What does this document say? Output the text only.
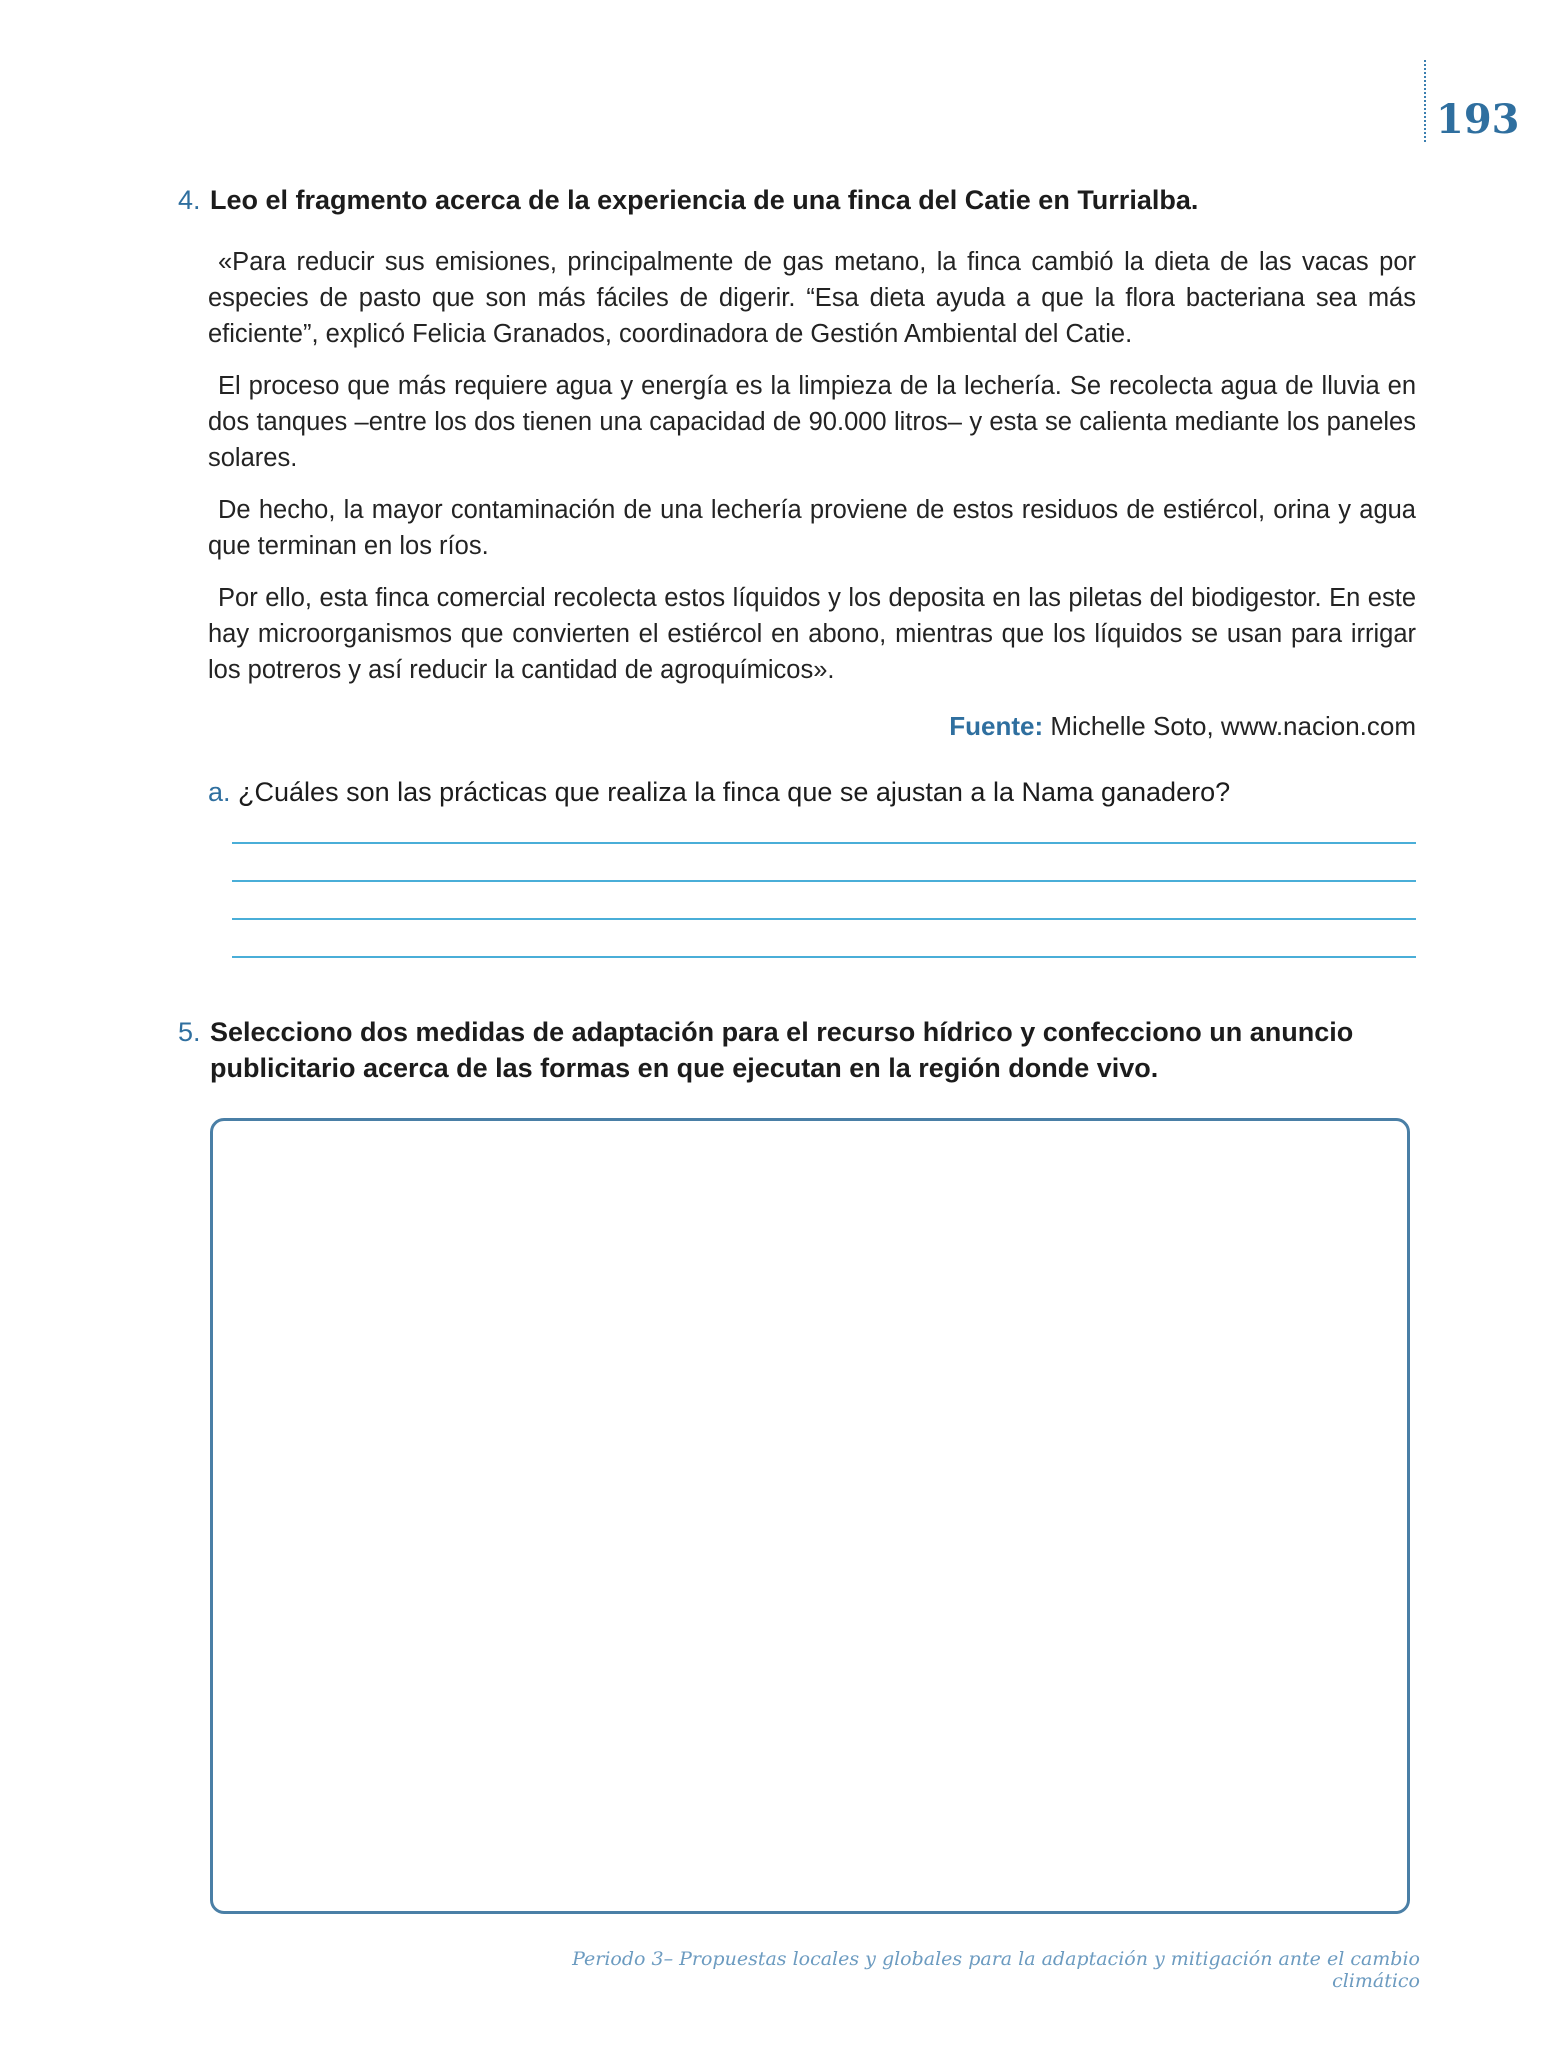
193
4. Leo el fragmento acerca de la experiencia de una finca del Catie en Turrialba.

«Para reducir sus emisiones, principalmente de gas metano, la finca cambió la dieta de las vacas por especies de pasto que son más fáciles de digerir. “Esa dieta ayuda a que la flora bacteriana sea más eficiente”, explicó Felicia Granados, coordinadora de Gestión Ambiental del Catie.

El proceso que más requiere agua y energía es la limpieza de la lechería. Se recolecta agua de lluvia en dos tanques –entre los dos tienen una capacidad de 90.000 litros– y esta se calienta mediante los paneles solares.

De hecho, la mayor contaminación de una lechería proviene de estos residuos de estiércol, orina y agua que terminan en los ríos.

Por ello, esta finca comercial recolecta estos líquidos y los deposita en las piletas del biodigestor. En este hay microorganismos que convierten el estiércol en abono, mientras que los líquidos se usan para irrigar los potreros y así reducir la cantidad de agroquímicos».

Fuente: Michelle Soto, www.nacion.com
a. ¿Cuáles son las prácticas que realiza la finca que se ajustan a la Nama ganadero?
5. Selecciono dos medidas de adaptación para el recurso hídrico y confecciono un anuncio publicitario acerca de las formas en que ejecutan en la región donde vivo.
Periodo 3– Propuestas locales y globales para la adaptación y mitigación ante el cambio climático
